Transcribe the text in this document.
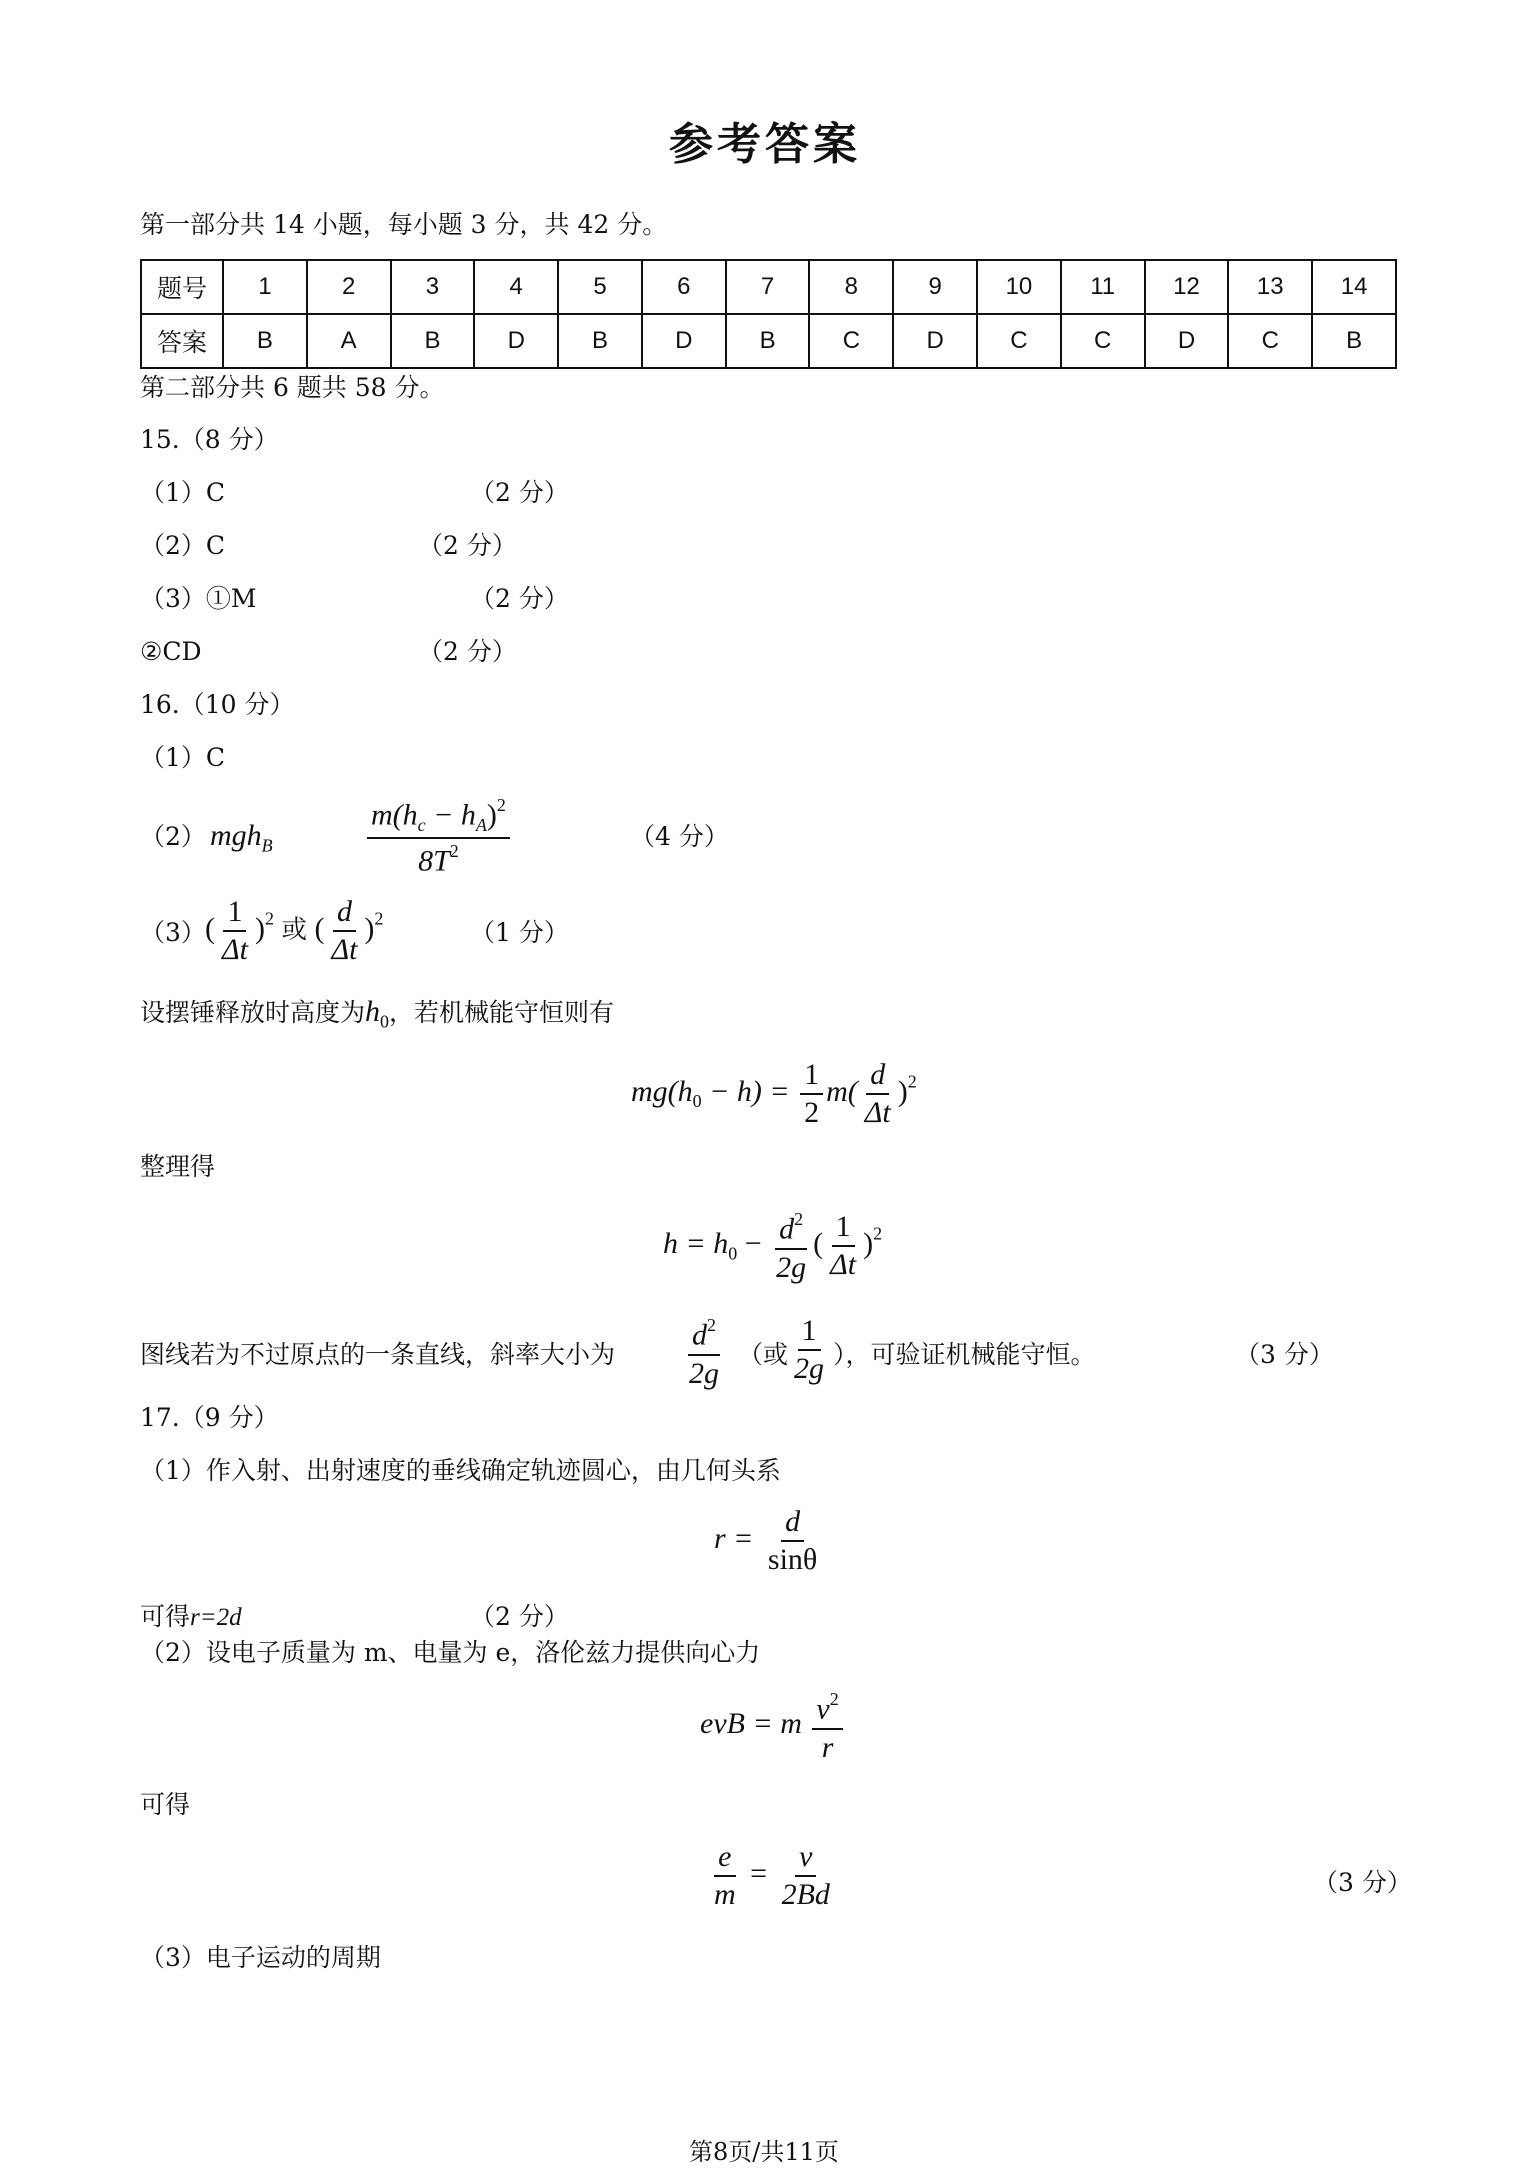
参考答案
第一部分共 14 小题，每小题 3 分，共 42 分。
题号	1	2	3	4	5	6	7	8	9	10	11	12	13	14
答案	B	A	B	D	B	D	B	C	D	C	C	D	C	B
第二部分共 6 题共 58 分。
15.（8 分）
（1）C	（2 分）
（2）C	（2 分）
（3）①M	（2 分）
②CD	（2 分）
16.（10 分）
（1）C
（2） mgh$_B$	$\frac{m(h_c - h_A)^2}{8T^2}$	（4 分）
（3） ( $\frac{1}{\Delta t} )^2$ 或 ( $\frac{d}{\Delta t} )^2$	（1 分）
设摆锤释放时高度为$h_0$，若机械能守恒则有
$mg(h_0 - h) = \frac{1}{2} m( \frac{d}{\Delta t} )^2$
整理得
$h = h_0 - \frac{d^2}{2g}$ ( $\frac{1}{\Delta t} )^2$
图线若为不过原点的一条直线，斜率大小为 $\frac{d^2}{2g}$ （或 $\frac{1}{2g}$ ），可验证机械能守恒。	（3 分）
17.（9 分）
（1）作入射、出射速度的垂线确定轨迹圆心，由几何头系
$r = \frac{d}{\sin\theta}$
可得r=2d	（2 分）
（2）设电子质量为 m、电量为 e，洛伦兹力提供向心力
evB = m $\frac{v^2}{r}$
可得
$\frac{e}{m} = \frac{v}{2Bd}$	（3 分）
（3）电子运动的周期
第8页/共11页
